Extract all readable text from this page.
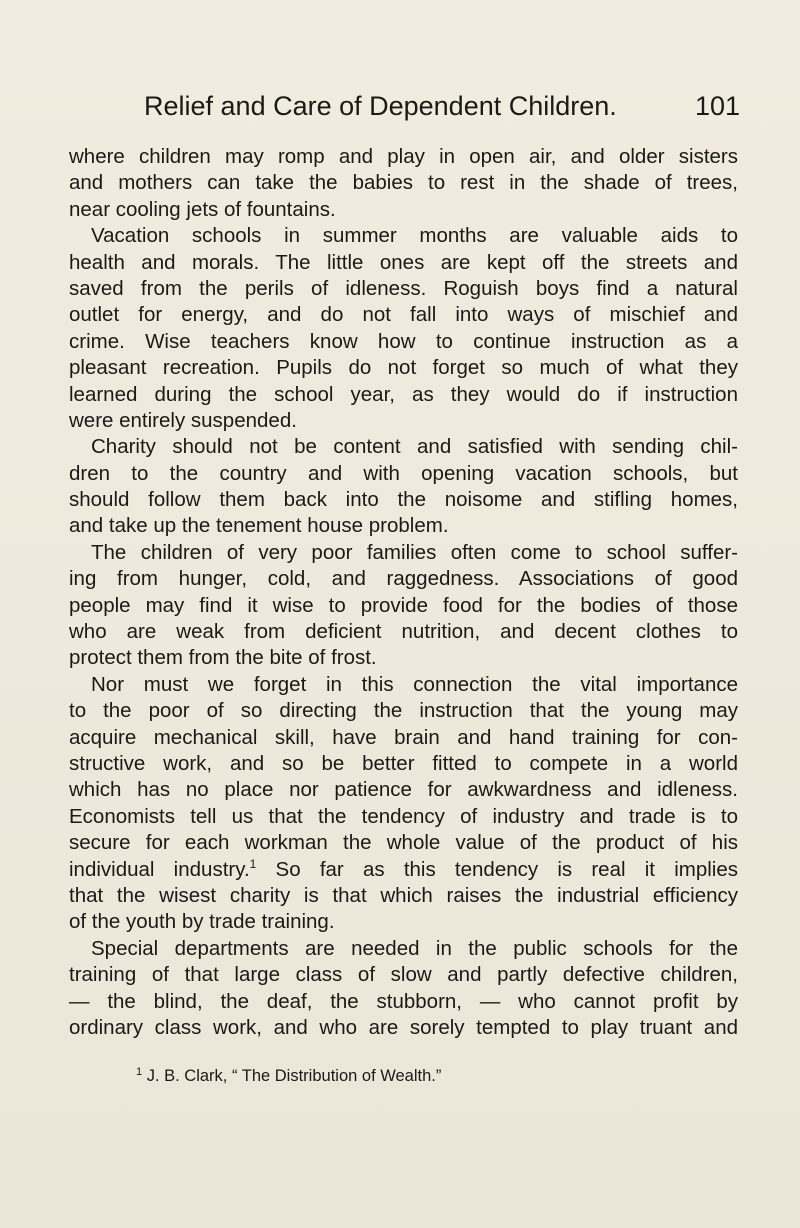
Relief and Care of Dependent Children.	101
where children may romp and play in open air, and older sisters
and mothers can take the babies to rest in the shade of trees,
near cooling jets of fountains.
Vacation schools in summer months are valuable aids to
health and morals. The little ones are kept off the streets and
saved from the perils of idleness. Roguish boys find a natural
outlet for energy, and do not fall into ways of mischief and
crime. Wise teachers know how to continue instruction as a
pleasant recreation. Pupils do not forget so much of what they
learned during the school year, as they would do if instruction
were entirely suspended.
Charity should not be content and satisfied with sending chil-
dren to the country and with opening vacation schools, but
should follow them back into the noisome and stifling homes,
and take up the tenement house problem.
The children of very poor families often come to school suffer-
ing from hunger, cold, and raggedness. Associations of good
people may find it wise to provide food for the bodies of those
who are weak from deficient nutrition, and decent clothes to
protect them from the bite of frost.
Nor must we forget in this connection the vital importance
to the poor of so directing the instruction that the young may
acquire mechanical skill, have brain and hand training for con-
structive work, and so be better fitted to compete in a world
which has no place nor patience for awkwardness and idleness.
Economists tell us that the tendency of industry and trade is to
secure for each workman the whole value of the product of his
individual industry.$^1$ So far as this tendency is real it implies
that the wisest charity is that which raises the industrial efficiency
of the youth by trade training.
Special departments are needed in the public schools for the
training of that large class of slow and partly defective children,
— the blind, the deaf, the stubborn, — who cannot profit by
ordinary class work, and who are sorely tempted to play truant and
$^1$ J. B. Clark, “ The Distribution of Wealth.”
